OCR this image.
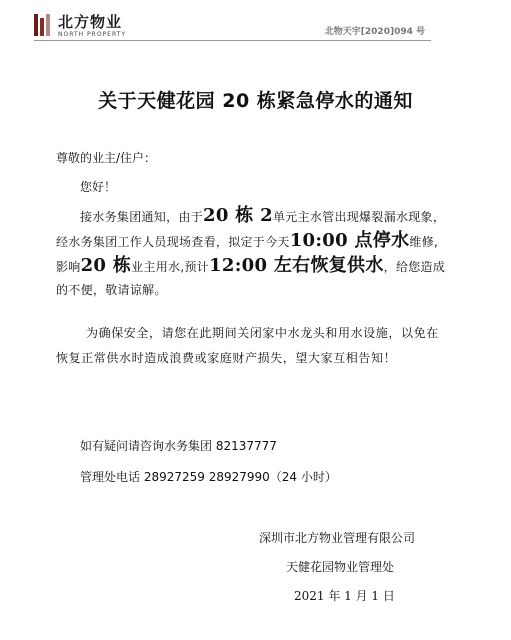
北方物业
NORTH PROPERTY	北物天宇[2020]094 号
关于天健花园 20 栋紧急停水的通知
尊敬的业主/住户：
您好！
接水务集团通知，由于20 栋 2单元主水管出现爆裂漏水现象，经水务集团工作人员现场查看，拟定于今天10:00 点停水维修,影响20 栋业主用水,预计12:00 左右恢复供水，给您造成的不便，敬请谅解。
为确保安全，请您在此期间关闭家中水龙头和用水设施，以免在恢复正常供水时造成浪费或家庭财产损失，望大家互相告知！
如有疑问请咨询水务集团 82137777
管理处电话 28927259 28927990（24 小时）
深圳市北方物业管理有限公司
天健花园物业管理处
2021 年 1 月 1 日
